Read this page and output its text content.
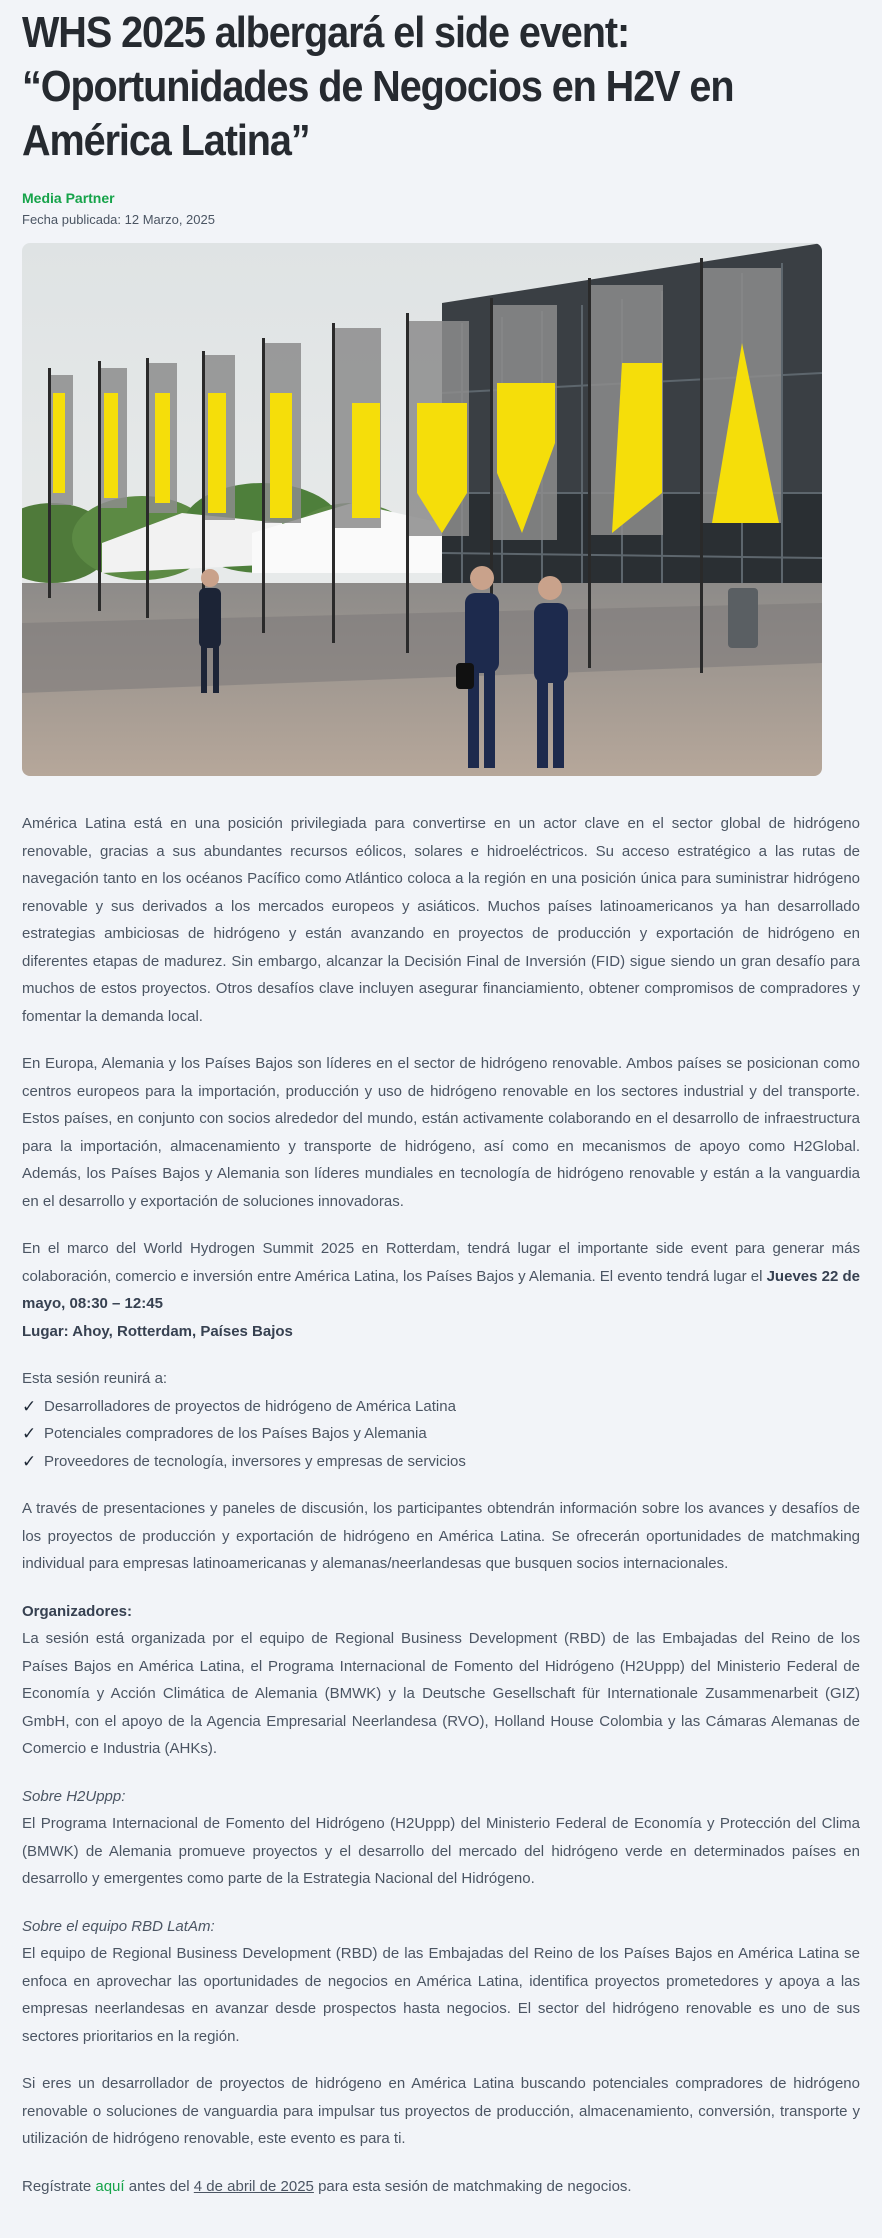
WHS 2025 albergará el side event: “Oportunidades de Negocios en H2V en América Latina”
Media Partner
Fecha publicada: 12 Marzo, 2025

América Latina está en una posición privilegiada para convertirse en un actor clave en el sector global de hidrógeno renovable, gracias a sus abundantes recursos eólicos, solares e hidroeléctricos. Su acceso estratégico a las rutas de navegación tanto en los océanos Pacífico como Atlántico coloca a la región en una posición única para suministrar hidrógeno renovable y sus derivados a los mercados europeos y asiáticos. Muchos países latinoamericanos ya han desarrollado estrategias ambiciosas de hidrógeno y están avanzando en proyectos de producción y exportación de hidrógeno en diferentes etapas de madurez. Sin embargo, alcanzar la Decisión Final de Inversión (FID) sigue siendo un gran desafío para muchos de estos proyectos. Otros desafíos clave incluyen asegurar financiamiento, obtener compromisos de compradores y fomentar la demanda local.

En Europa, Alemania y los Países Bajos son líderes en el sector de hidrógeno renovable. Ambos países se posicionan como centros europeos para la importación, producción y uso de hidrógeno renovable en los sectores industrial y del transporte. Estos países, en conjunto con socios alrededor del mundo, están activamente colaborando en el desarrollo de infraestructura para la importación, almacenamiento y transporte de hidrógeno, así como en mecanismos de apoyo como H2Global. Además, los Países Bajos y Alemania son líderes mundiales en tecnología de hidrógeno renovable y están a la vanguardia en el desarrollo y exportación de soluciones innovadoras.

En el marco del World Hydrogen Summit 2025 en Rotterdam, tendrá lugar el importante side event para generar más colaboración, comercio e inversión entre América Latina, los Países Bajos y Alemania. El evento tendrá lugar el Jueves 22 de mayo, 08:30 – 12:45
Lugar: Ahoy, Rotterdam, Países Bajos

Esta sesión reunirá a:

✓ Desarrolladores de proyectos de hidrógeno de América Latina
✓ Potenciales compradores de los Países Bajos y Alemania
✓ Proveedores de tecnología, inversores y empresas de servicios

A través de presentaciones y paneles de discusión, los participantes obtendrán información sobre los avances y desafíos de los proyectos de producción y exportación de hidrógeno en América Latina. Se ofrecerán oportunidades de matchmaking individual para empresas latinoamericanas y alemanas/neerlandesas que busquen socios internacionales.

Organizadores:
La sesión está organizada por el equipo de Regional Business Development (RBD) de las Embajadas del Reino de los Países Bajos en América Latina, el Programa Internacional de Fomento del Hidrógeno (H2Uppp) del Ministerio Federal de Economía y Acción Climática de Alemania (BMWK) y la Deutsche Gesellschaft für Internationale Zusammenarbeit (GIZ) GmbH, con el apoyo de la Agencia Empresarial Neerlandesa (RVO), Holland House Colombia y las Cámaras Alemanas de Comercio e Industria (AHKs).

Sobre H2Uppp:
El Programa Internacional de Fomento del Hidrógeno (H2Uppp) del Ministerio Federal de Economía y Protección del Clima (BMWK) de Alemania promueve proyectos y el desarrollo del mercado del hidrógeno verde en determinados países en desarrollo y emergentes como parte de la Estrategia Nacional del Hidrógeno.

Sobre el equipo RBD LatAm:
El equipo de Regional Business Development (RBD) de las Embajadas del Reino de los Países Bajos en América Latina se enfoca en aprovechar las oportunidades de negocios en América Latina, identifica proyectos prometedores y apoya a las empresas neerlandesas en avanzar desde prospectos hasta negocios. El sector del hidrógeno renovable es uno de sus sectores prioritarios en la región.

Si eres un desarrollador de proyectos de hidrógeno en América Latina buscando potenciales compradores de hidrógeno renovable o soluciones de vanguardia para impulsar tus proyectos de producción, almacenamiento, conversión, transporte y utilización de hidrógeno renovable, este evento es para ti.

Regístrate aquí antes del 4 de abril de 2025 para esta sesión de matchmaking de negocios.
